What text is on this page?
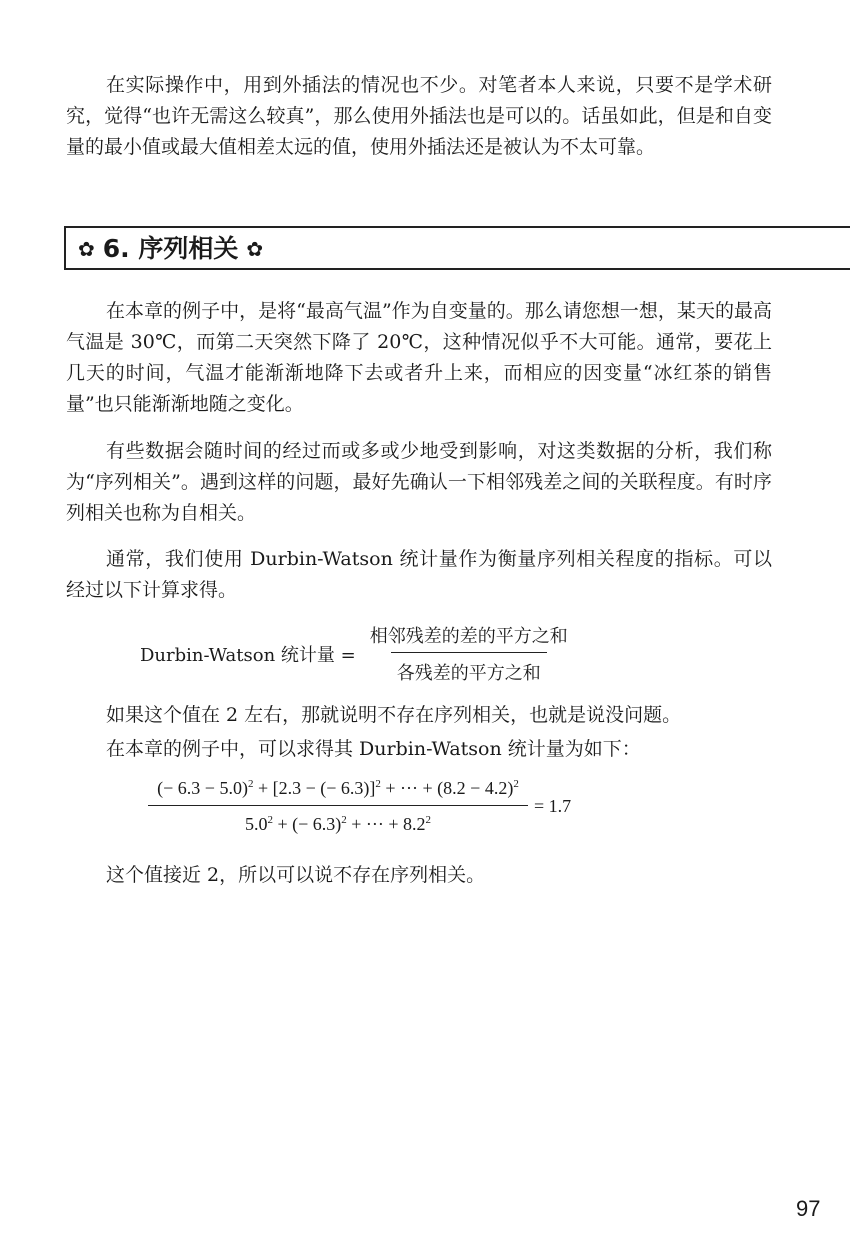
在实际操作中，用到外插法的情况也不少。对笔者本人来说，只要不是学术研究，觉得“也许无需这么较真”，那么使用外插法也是可以的。话虽如此，但是和自变量的最小值或最大值相差太远的值，使用外插法还是被认为不太可靠。

✿ 6. 序列相关 ✿

在本章的例子中，是将“最高气温”作为自变量的。那么请您想一想，某天的最高气温是 30℃，而第二天突然下降了 20℃，这种情况似乎不大可能。通常，要花上几天的时间，气温才能渐渐地降下去或者升上来，而相应的因变量“冰红茶的销售量”也只能渐渐地随之变化。

有些数据会随时间的经过而或多或少地受到影响，对这类数据的分析，我们称为“序列相关”。遇到这样的问题，最好先确认一下相邻残差之间的关联程度。有时序列相关也称为自相关。

通常，我们使用 Durbin-Watson 统计量作为衡量序列相关程度的指标。可以经过以下计算求得。

Durbin-Watson 统计量 = $\frac{\text{相邻残差的差的平方之和}}{\text{各残差的平方之和}}$

如果这个值在 2 左右，那就说明不存在序列相关，也就是说没问题。

在本章的例子中，可以求得其 Durbin-Watson 统计量为如下：

$\frac{(- 6.3 - 5.0)^2 + [2.3 - (- 6.3)]^2 + \cdot\cdot\cdot + (8.2 - 4.2)^2}{5.0^2 + (- 6.3)^2 + \cdot\cdot\cdot + 8.2^2} = 1.7$

这个值接近 2，所以可以说不存在序列相关。

97
